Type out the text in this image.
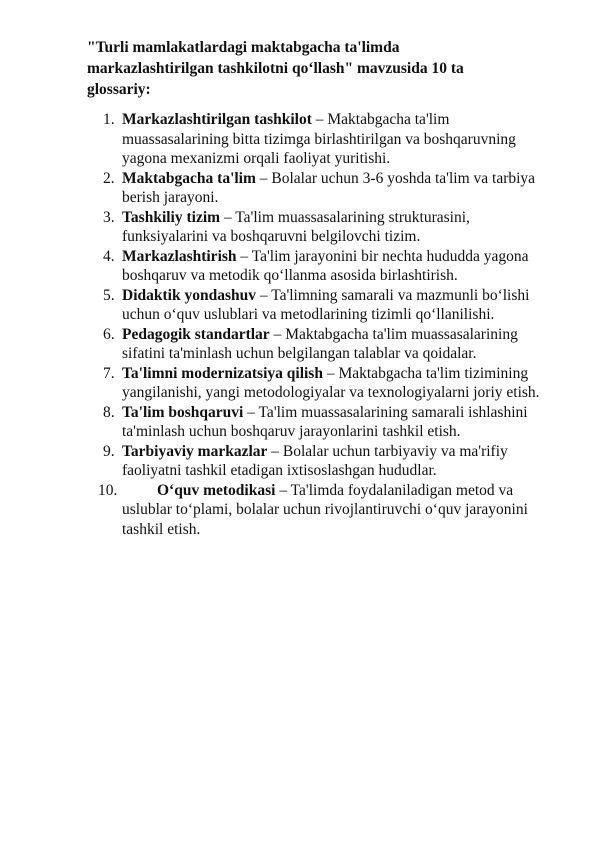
"Turli mamlakatlardagi maktabgacha ta'limda markazlashtirilgan tashkilotni qo‘llash" mavzusida 10 ta glossariy:

1. Markazlashtirilgan tashkilot – Maktabgacha ta'lim muassasalarining bitta tizimga birlashtirilgan va boshqaruvning yagona mexanizmi orqali faoliyat yuritishi.
2. Maktabgacha ta'lim – Bolalar uchun 3-6 yoshda ta'lim va tarbiya berish jarayoni.
3. Tashkiliy tizim – Ta'lim muassasalarining strukturasini, funksiyalarini va boshqaruvni belgilovchi tizim.
4. Markazlashtirish – Ta'lim jarayonini bir nechta hududda yagona boshqaruv va metodik qo‘llanma asosida birlashtirish.
5. Didaktik yondashuv – Ta'limning samarali va mazmunli bo‘lishi uchun o‘quv uslublari va metodlarining tizimli qo‘llanilishi.
6. Pedagogik standartlar – Maktabgacha ta'lim muassasalarining sifatini ta'minlash uchun belgilangan talablar va qoidalar.
7. Ta'limni modernizatsiya qilish – Maktabgacha ta'lim tizimining yangilanishi, yangi metodologiyalar va texnologiyalarni joriy etish.
8. Ta'lim boshqaruvi – Ta'lim muassasalarining samarali ishlashini ta'minlash uchun boshqaruv jarayonlarini tashkil etish.
9. Tarbiyaviy markazlar – Bolalar uchun tarbiyaviy va ma'rifiy faoliyatni tashkil etadigan ixtisoslashgan hududlar.
10.	O‘quv metodikasi – Ta'limda foydalaniladigan metod va uslublar to‘plami, bolalar uchun rivojlantiruvchi o‘quv jarayonini tashkil etish.
